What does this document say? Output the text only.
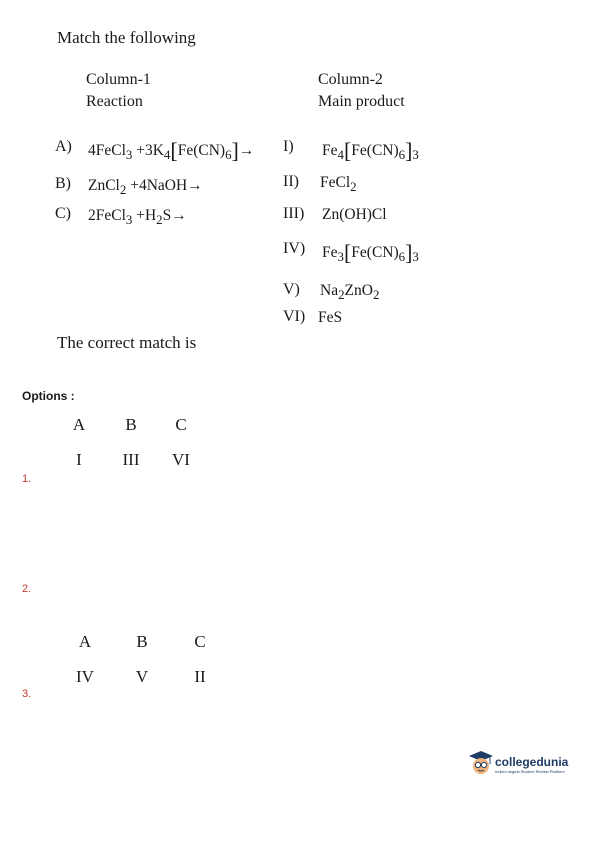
Match the following
Column-1
Reaction
Column-2
Main product
A) 4FeCl$_3$ $+3K_4[Fe(CN)_6]\to$
B) ZnCl$_2$ +4NaOH→
C) 2FeCl$_3$ $+H_2S\to$
I) $Fe_4[Fe(CN)_6]_3$
II) FeCl$_2$
III) Zn(OH)Cl
IV) $Fe_3[Fe(CN)_6]_3$
V) $Na_2ZnO_2$
VI) FeS
The correct match is
Options :
A	B	C
I	III	VI
1.
2.
A	B	C
IV	V	II
3.
collegedunia
India's largest Student Review Platform
